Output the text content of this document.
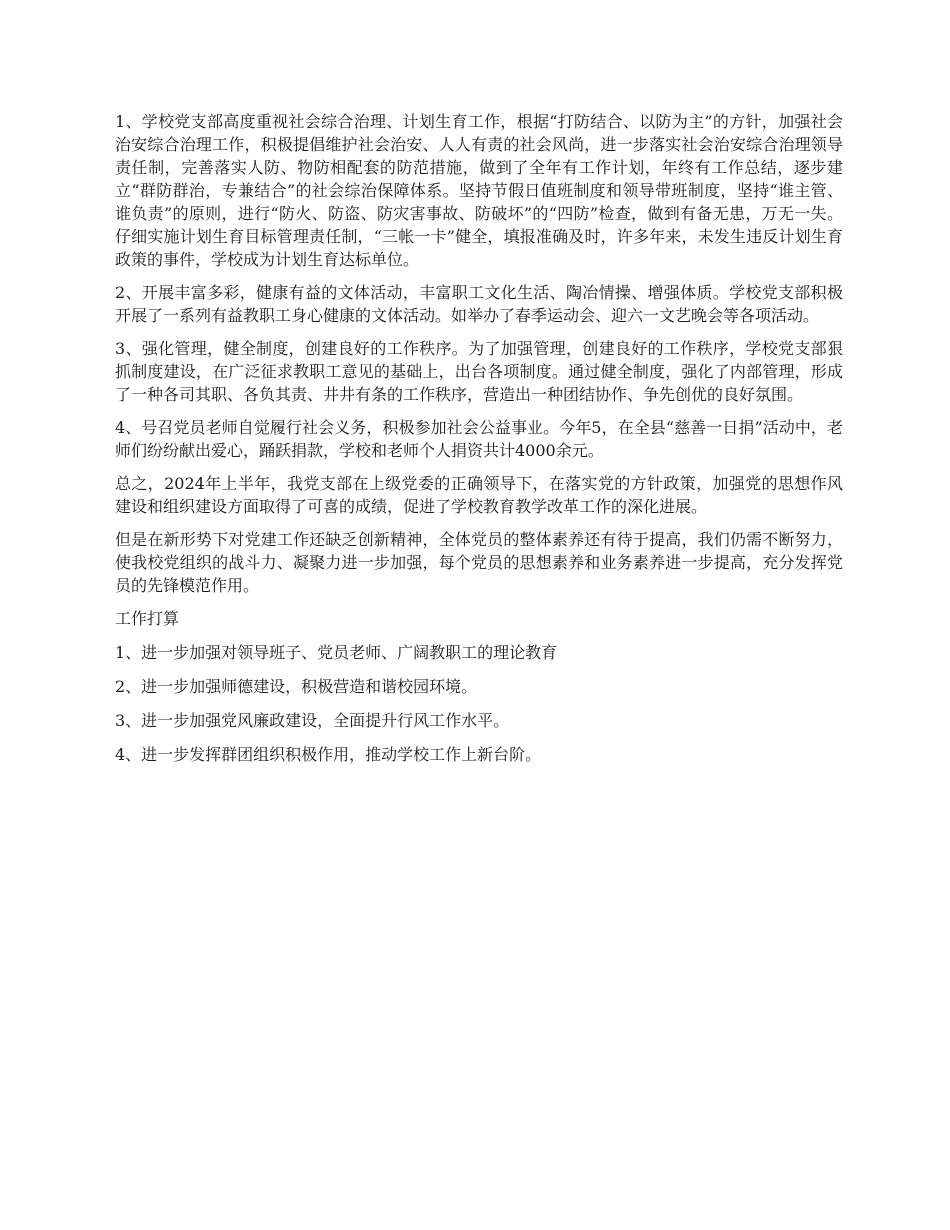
1、学校党支部高度重视社会综合治理、计划生育工作，根据“打防结合、以防为主”的方针，加强社会治安综合治理工作，积极提倡维护社会治安、人人有责的社会风尚，进一步落实社会治安综合治理领导责任制，完善落实人防、物防相配套的防范措施，做到了全年有工作计划，年终有工作总结，逐步建立“群防群治，专兼结合”的社会综治保障体系。坚持节假日值班制度和领导带班制度，坚持“谁主管、谁负责”的原则，进行“防火、防盗、防灾害事故、防破坏”的“四防”检查，做到有备无患，万无一失。仔细实施计划生育目标管理责任制，“三帐一卡”健全，填报准确及时，许多年来，未发生违反计划生育政策的事件，学校成为计划生育达标单位。

2、开展丰富多彩，健康有益的文体活动，丰富职工文化生活、陶冶情操、增强体质。学校党支部积极开展了一系列有益教职工身心健康的文体活动。如举办了春季运动会、迎六一文艺晚会等各项活动。

3、强化管理，健全制度，创建良好的工作秩序。为了加强管理，创建良好的工作秩序，学校党支部狠抓制度建设，在广泛征求教职工意见的基础上，出台各项制度。通过健全制度，强化了内部管理，形成了一种各司其职、各负其责、井井有条的工作秩序，营造出一种团结协作、争先创优的良好氛围。

4、号召党员老师自觉履行社会义务，积极参加社会公益事业。今年5，在全县“慈善一日捐”活动中，老师们纷纷献出爱心，踊跃捐款，学校和老师个人捐资共计4000余元。

总之，2024年上半年，我党支部在上级党委的正确领导下，在落实党的方针政策，加强党的思想作风建设和组织建设方面取得了可喜的成绩，促进了学校教育教学改革工作的深化进展。

但是在新形势下对党建工作还缺乏创新精神，全体党员的整体素养还有待于提高，我们仍需不断努力，使我校党组织的战斗力、凝聚力进一步加强，每个党员的思想素养和业务素养进一步提高，充分发挥党员的先锋模范作用。

工作打算

1、进一步加强对领导班子、党员老师、广阔教职工的理论教育

2、进一步加强师德建设，积极营造和谐校园环境。

3、进一步加强党风廉政建设，全面提升行风工作水平。

4、进一步发挥群团组织积极作用，推动学校工作上新台阶。
